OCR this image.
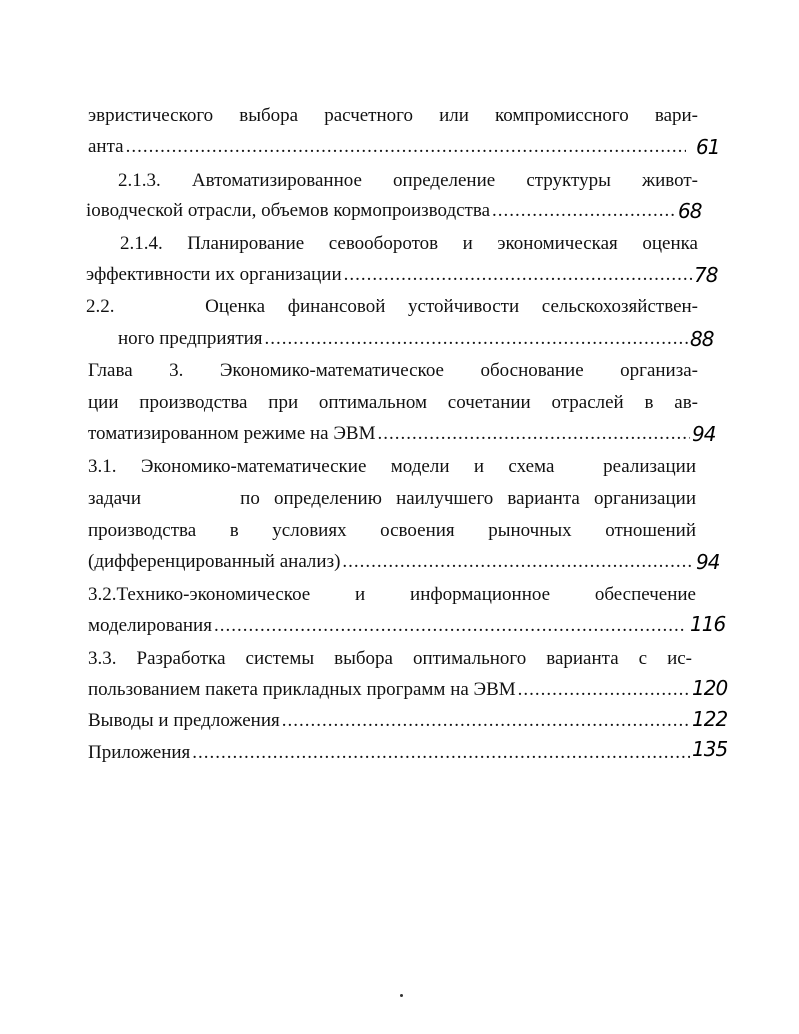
эвристического выбора расчетного или компромиссного вари-
анта .....	61
2.1.3. Автоматизированное определение структуры живот-
іоводческой отрасли, объемов кормопроизводства .....	68
2.1.4. Планирование севооборотов и экономическая оценка
эффективности их организации .....	78
2.2.    Оценка финансовой устойчивости сельскохозяйствен-
ного предприятия .....	88
Глава 3. Экономико-математическое обоснование организа-
ции производства при оптимальном сочетании отраслей в ав-
томатизированном режиме на ЭВМ .....	94
3.1. Экономико-математические модели и схема  реализации
задачи       по определению наилучшего варианта организации
производства в условиях освоения рыночных отношений
(дифференцированный анализ) .....	94
3.2.Технико-экономическое и информационное обеспечение
моделирования .....	116
3.3. Разработка системы выбора оптимального варианта с ис-
пользованием пакета прикладных программ на ЭВМ .....	120
Выводы и предложения .....	122
Приложения .....	135
